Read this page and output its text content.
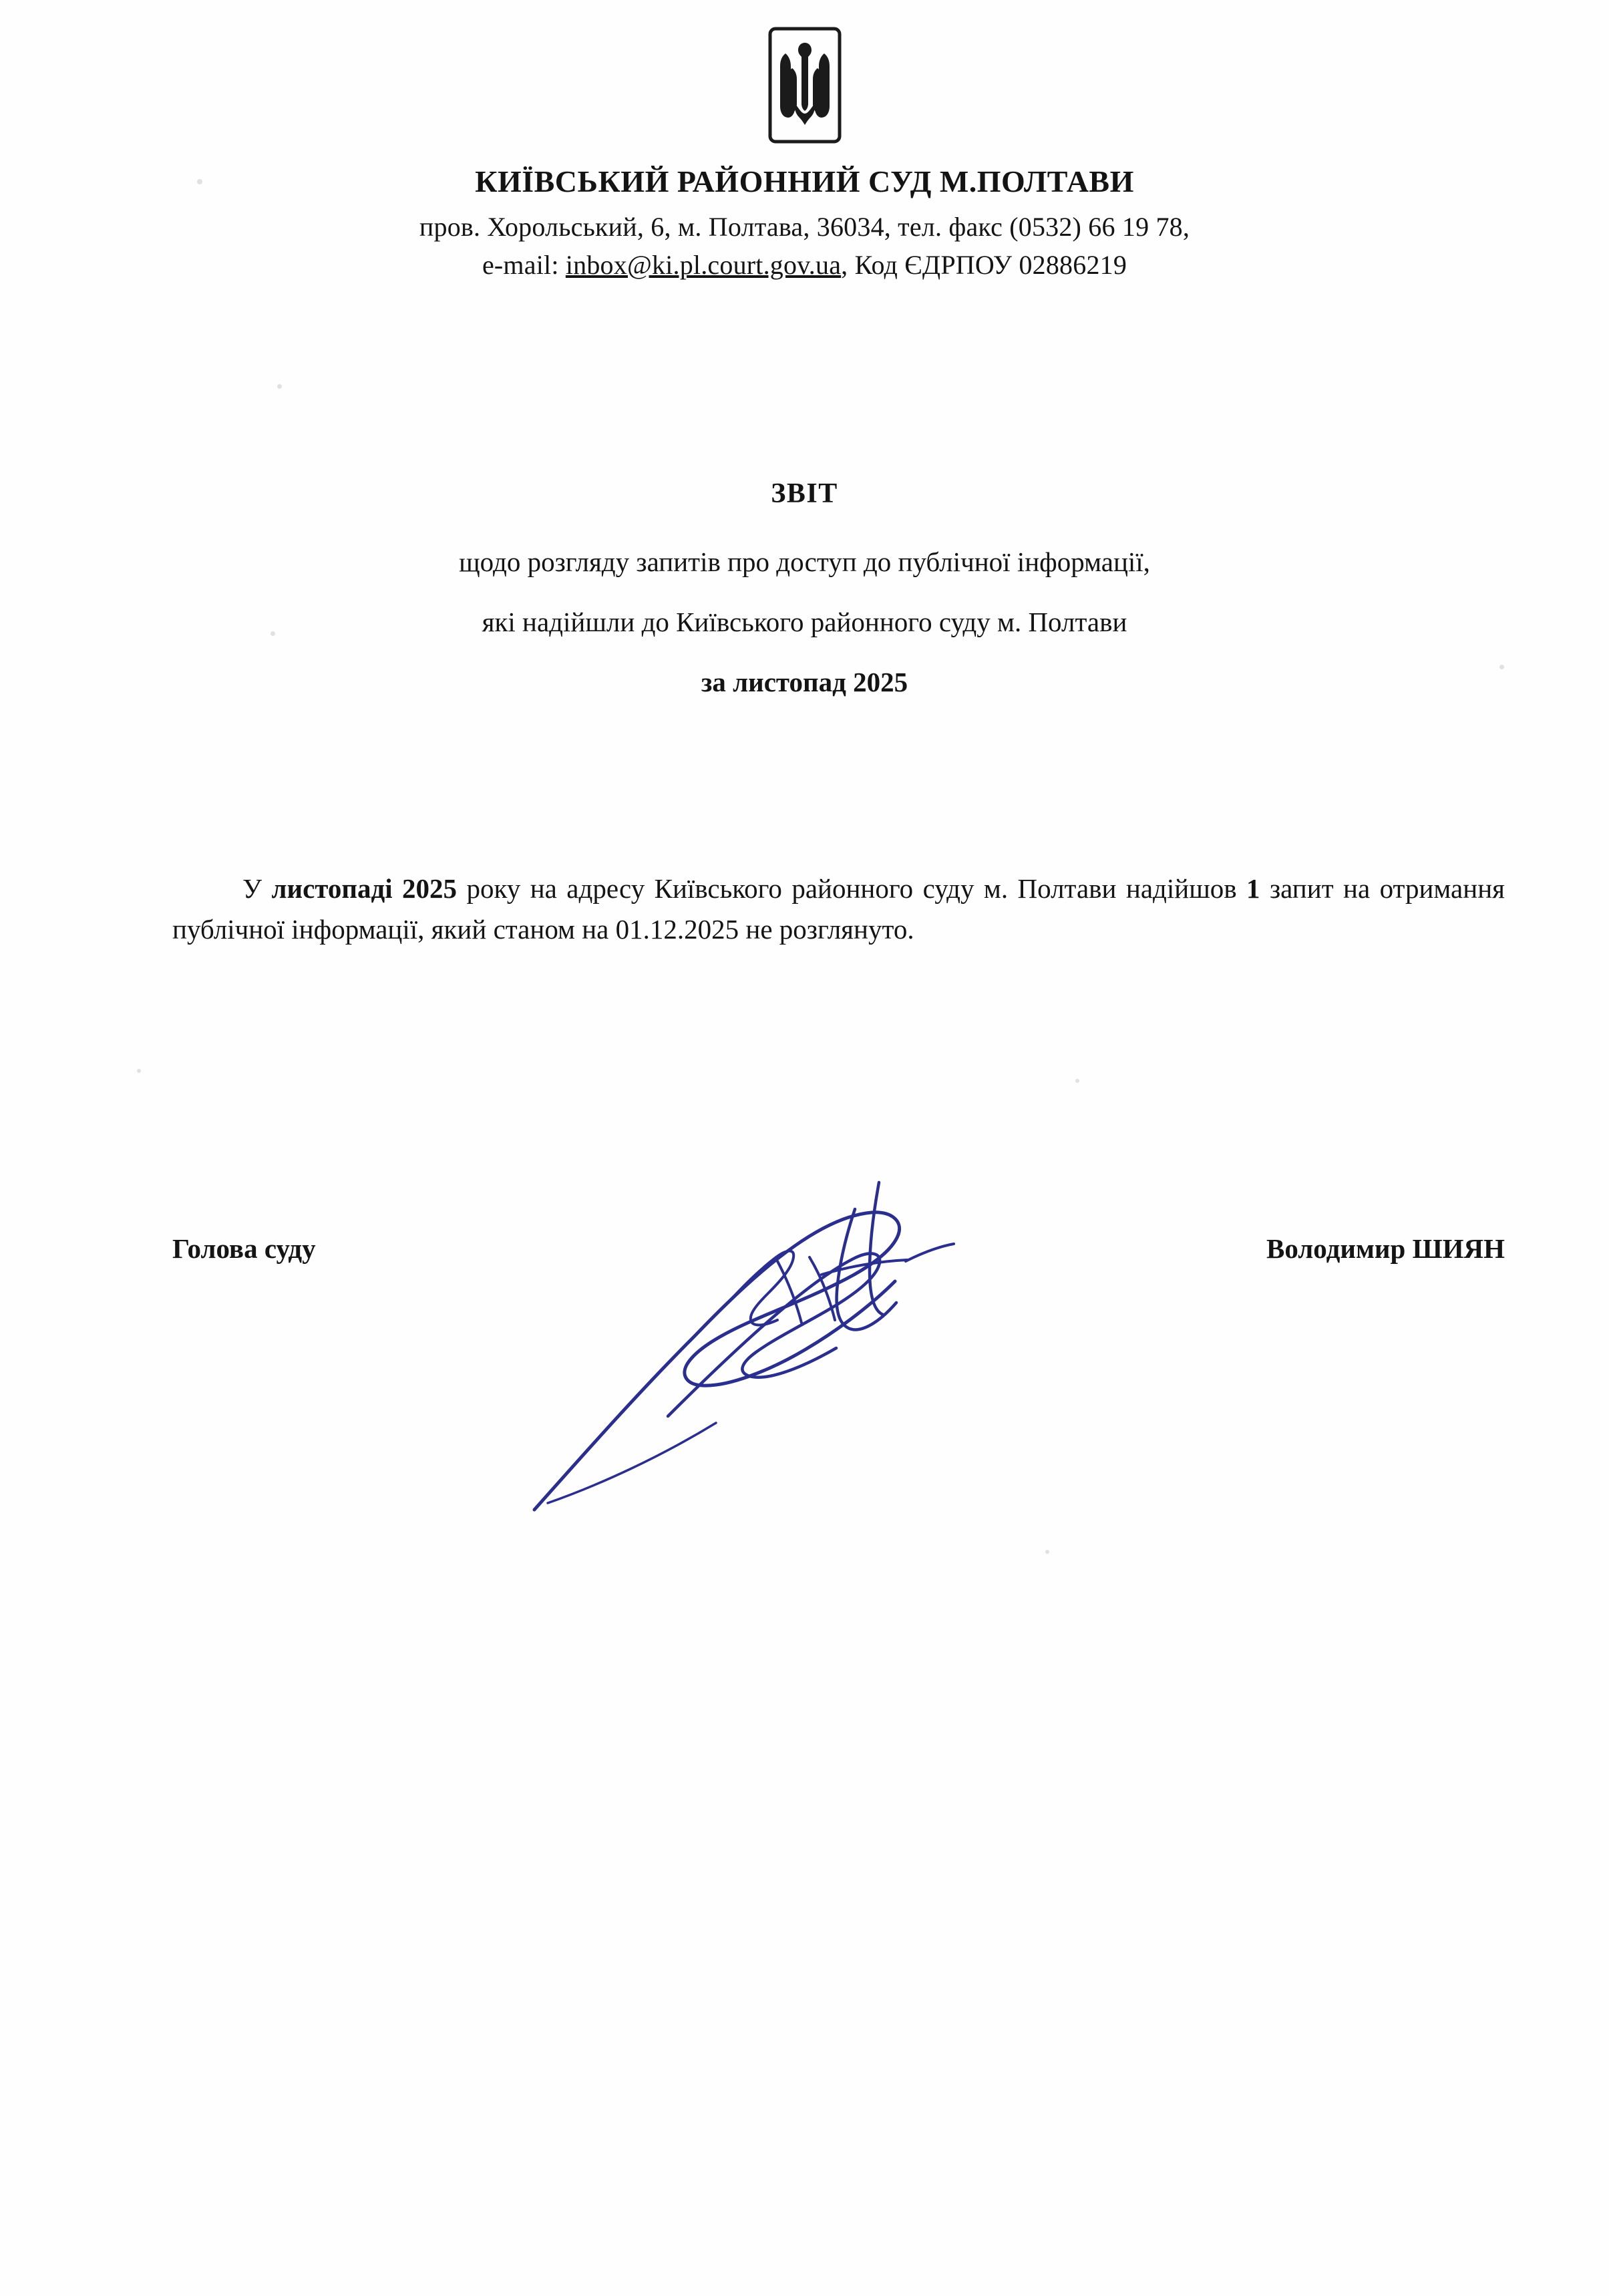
КИЇВСЬКИЙ РАЙОННИЙ СУД М.ПОЛТАВИ
пров. Хорольський, 6, м. Полтава, 36034, тел. факс (0532) 66 19 78,
e-mail: inbox@ki.pl.court.gov.ua, Код ЄДРПОУ 02886219
ЗВІТ
щодо розгляду запитів про доступ до публічної інформації,
які надійшли до Київського районного суду м. Полтави
за листопад 2025
У листопаді 2025 року на адресу Київського районного суду м. Полтави надійшов 1 запит на отримання публічної інформації, який станом на 01.12.2025 не розглянуто.
Голова суду	Володимир ШИЯН
